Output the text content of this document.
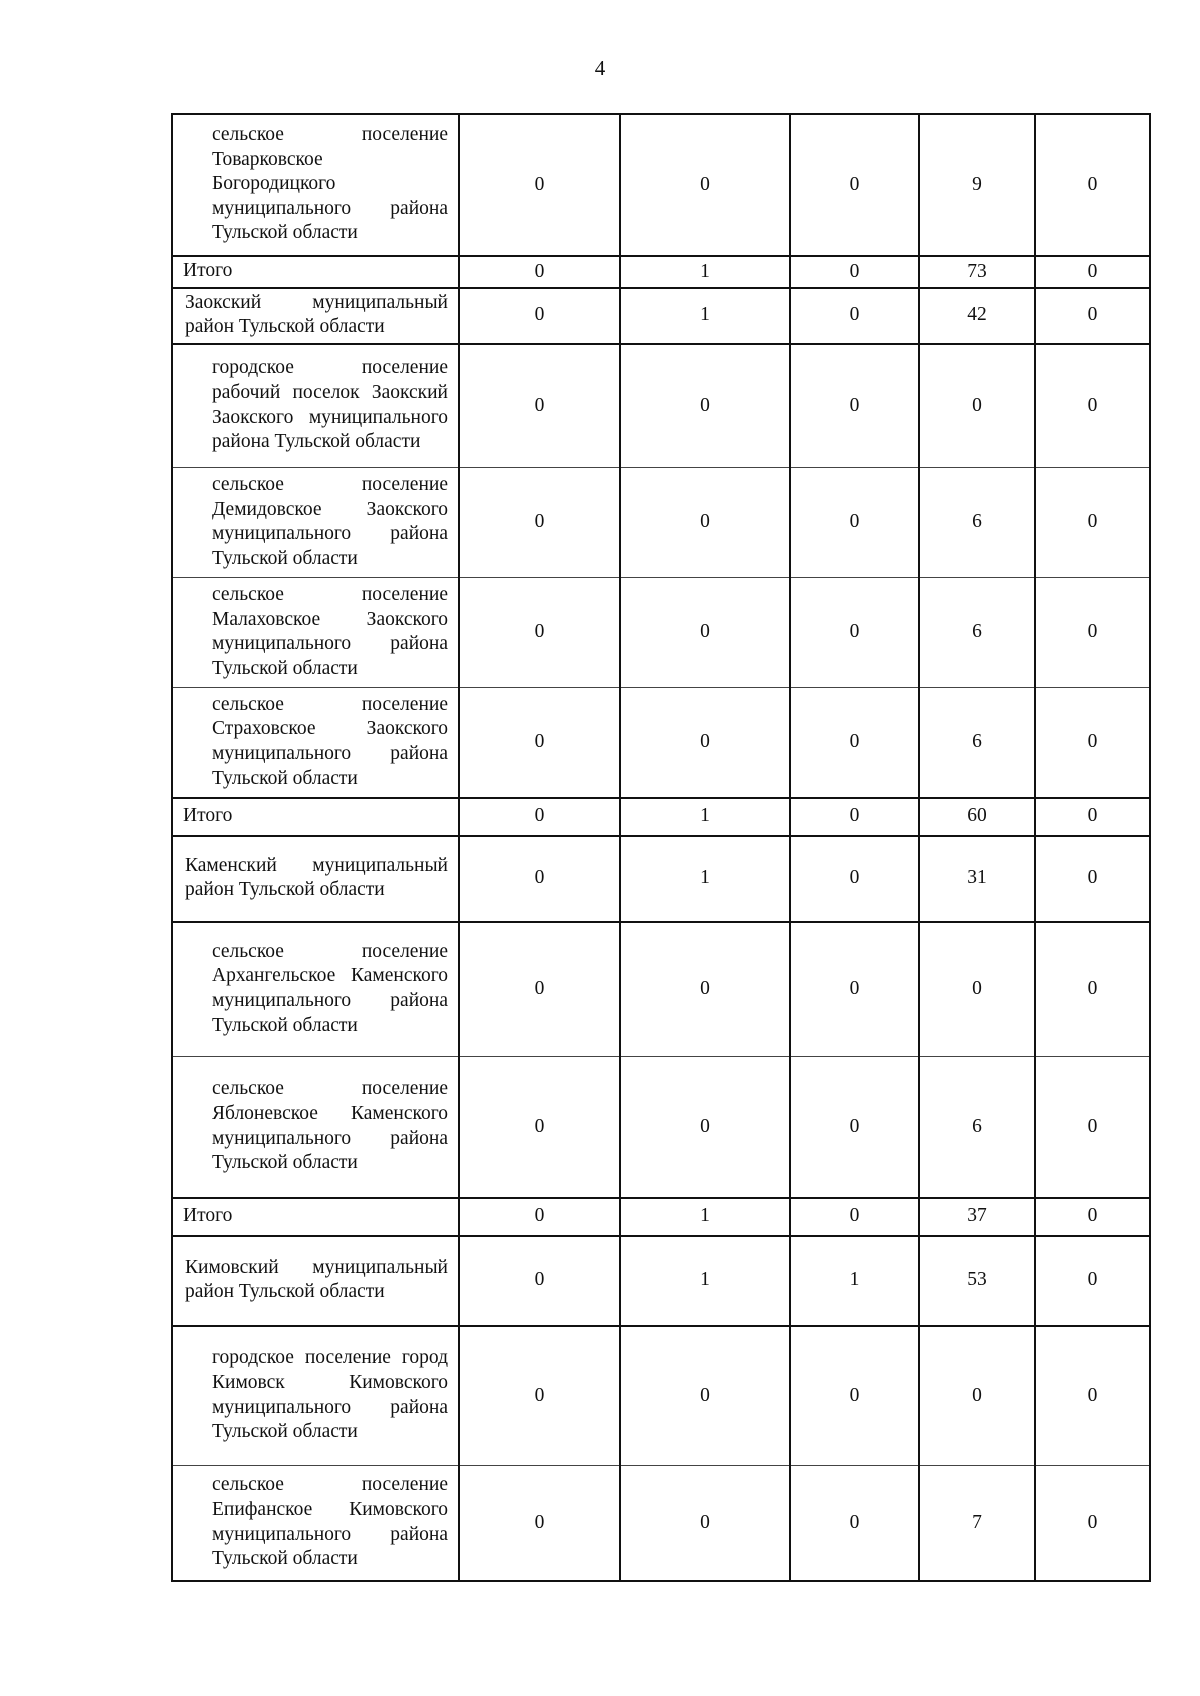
4
сельское поселение Товарковское Богородицкого муниципального района Тульской области	0	0	0	9	0
Итого	0	1	0	73	0
Заокский муниципальный район Тульской области	0	1	0	42	0
городское поселение рабочий поселок Заокский Заокского муниципального района Тульской области	0	0	0	0	0
сельское поселение Демидовское Заокского муниципального района Тульской области	0	0	0	6	0
сельское поселение Малаховское Заокского муниципального района Тульской области	0	0	0	6	0
сельское поселение Страховское Заокского муниципального района Тульской области	0	0	0	6	0
Итого	0	1	0	60	0
Каменский муниципальный район Тульской области	0	1	0	31	0
сельское поселение Архангельское Каменского муниципального района Тульской области	0	0	0	0	0
сельское поселение Яблоневское Каменского муниципального района Тульской области	0	0	0	6	0
Итого	0	1	0	37	0
Кимовский муниципальный район Тульской области	0	1	1	53	0
городское поселение город Кимовск Кимовского муниципального района Тульской области	0	0	0	0	0
сельское поселение Епифанское Кимовского муниципального района Тульской области	0	0	0	7	0
